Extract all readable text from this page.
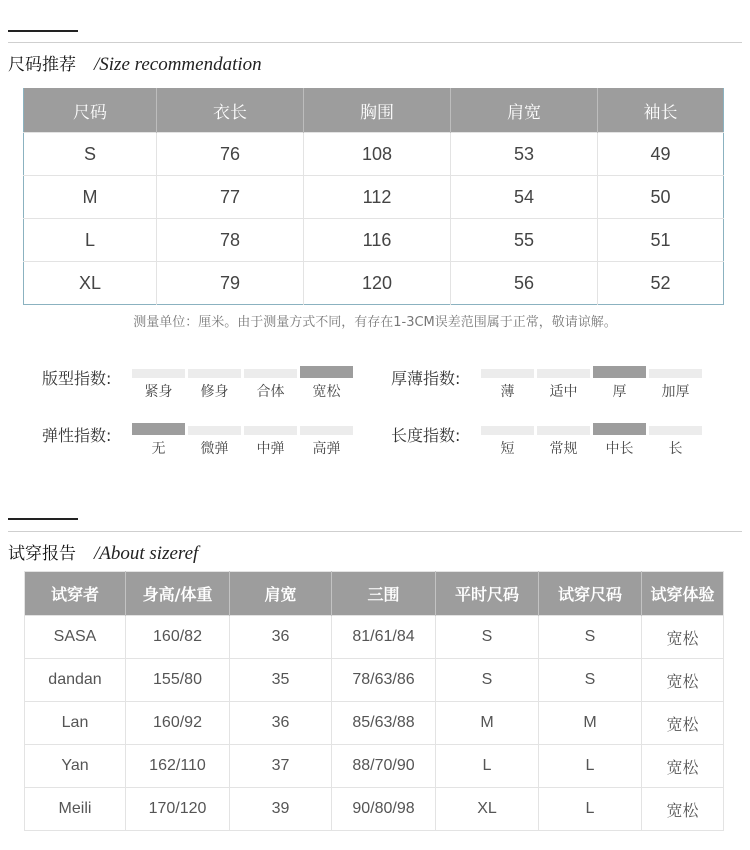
尺码推荐 /Size recommendation
尺码	衣长	胸围	肩宽	袖长
S	76	108	53	49
M	77	112	54	50
L	78	116	55	51
XL	79	120	56	52
测量单位：厘米。由于测量方式不同，有存在1-3CM误差范围属于正常，敬请谅解。
版型指数:
紧身	修身	合体	宽松
厚薄指数:
薄	适中	厚	加厚
弹性指数:
无	微弹	中弹	高弹
长度指数:
短	常规	中长	长
试穿报告 /About sizeref
试穿者	身高/体重	肩宽	三围	平时尺码	试穿尺码	试穿体验
SASA	160/82	36	81/61/84	S	S	宽松
dandan	155/80	35	78/63/86	S	S	宽松
Lan	160/92	36	85/63/88	M	M	宽松
Yan	162/110	37	88/70/90	L	L	宽松
Meili	170/120	39	90/80/98	XL	L	宽松
